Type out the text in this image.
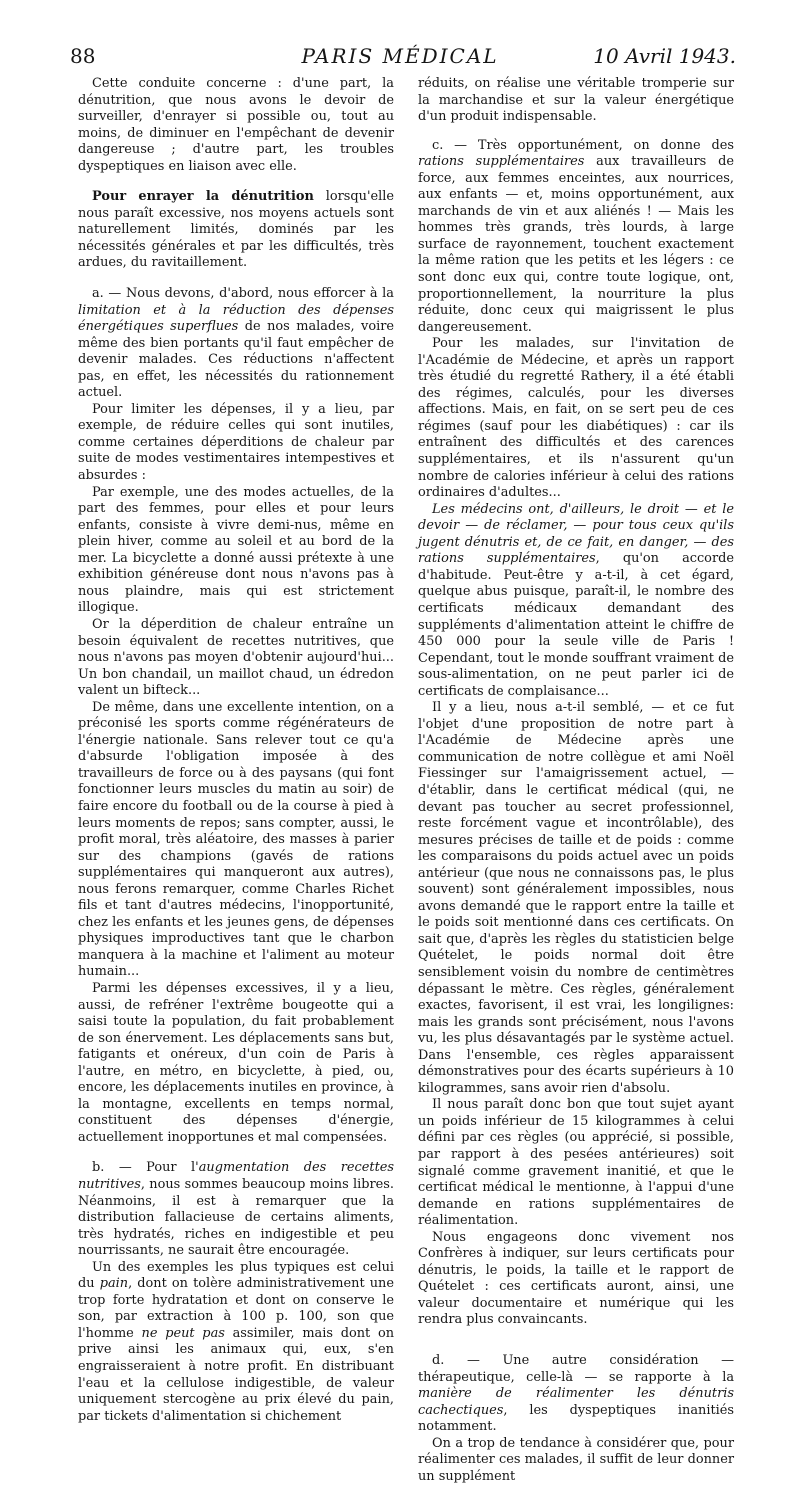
88	PARIS MÉDICAL	10 Avril 1943.

Cette conduite concerne : d'une part, la dénutrition, que nous avons le devoir de surveiller, d'enrayer si possible ou, tout au moins, de diminuer en l'empêchant de devenir dangereuse ; d'autre part, les troubles dyspeptiques en liaison avec elle.

Pour enrayer la dénutrition lorsqu'elle nous paraît excessive, nos moyens actuels sont naturellement limités, dominés par les nécessités générales et par les difficultés, très ardues, du ravitaillement.

a. — Nous devons, d'abord, nous efforcer à la limitation et à la réduction des dépenses énergétiques superflues de nos malades, voire même des bien portants qu'il faut empêcher de devenir malades. Ces réductions n'affectent pas, en effet, les nécessités du rationnement actuel.

Pour limiter les dépenses, il y a lieu, par exemple, de réduire celles qui sont inutiles, comme certaines déperditions de chaleur par suite de modes vestimentaires intempestives et absurdes :

Par exemple, une des modes actuelles, de la part des femmes, pour elles et pour leurs enfants, consiste à vivre demi-nus, même en plein hiver, comme au soleil et au bord de la mer. La bicyclette a donné aussi prétexte à une exhibition généreuse dont nous n'avons pas à nous plaindre, mais qui est strictement illogique.

Or la déperdition de chaleur entraîne un besoin équivalent de recettes nutritives, que nous n'avons pas moyen d'obtenir aujourd'hui... Un bon chandail, un maillot chaud, un édredon valent un bifteck...

De même, dans une excellente intention, on a préconisé les sports comme régénérateurs de l'énergie nationale. Sans relever tout ce qu'a d'absurde l'obligation imposée à des travailleurs de force ou à des paysans (qui font fonctionner leurs muscles du matin au soir) de faire encore du football ou de la course à pied à leurs moments de repos; sans compter, aussi, le profit moral, très aléatoire, des masses à parier sur des champions (gavés de rations supplémentaires qui manqueront aux autres), nous ferons remarquer, comme Charles Richet fils et tant d'autres médecins, l'inopportunité, chez les enfants et les jeunes gens, de dépenses physiques improductives tant que le charbon manquera à la machine et l'aliment au moteur humain...

Parmi les dépenses excessives, il y a lieu, aussi, de refréner l'extrême bougeotte qui a saisi toute la population, du fait probablement de son énervement. Les déplacements sans but, fatigants et onéreux, d'un coin de Paris à l'autre, en métro, en bicyclette, à pied, ou, encore, les déplacements inutiles en province, à la montagne, excellents en temps normal, constituent des dépenses d'énergie, actuellement inopportunes et mal compensées.

b. — Pour l'augmentation des recettes nutritives, nous sommes beaucoup moins libres. Néanmoins, il est à remarquer que la distribution fallacieuse de certains aliments, très hydratés, riches en indigestible et peu nourrissants, ne saurait être encouragée.

Un des exemples les plus typiques est celui du pain, dont on tolère administrativement une trop forte hydratation et dont on conserve le son, par extraction à 100 p. 100, son que l'homme ne peut pas assimiler, mais dont on prive ainsi les animaux qui, eux, s'en engraisseraient à notre profit. En distribuant l'eau et la cellulose indigestible, de valeur uniquement stercogène au prix élevé du pain, par tickets d'alimentation si chichement

réduits, on réalise une véritable tromperie sur la marchandise et sur la valeur énergétique d'un produit indispensable.

c. — Très opportunément, on donne des rations supplémentaires aux travailleurs de force, aux femmes enceintes, aux nourrices, aux enfants — et, moins opportunément, aux marchands de vin et aux aliénés ! — Mais les hommes très grands, très lourds, à large surface de rayonnement, touchent exactement la même ration que les petits et les légers : ce sont donc eux qui, contre toute logique, ont, proportionnellement, la nourriture la plus réduite, donc ceux qui maigrissent le plus dangereusement.

Pour les malades, sur l'invitation de l'Académie de Médecine, et après un rapport très étudié du regretté Rathery, il a été établi des régimes, calculés, pour les diverses affections. Mais, en fait, on se sert peu de ces régimes (sauf pour les diabétiques) : car ils entraînent des difficultés et des carences supplémentaires, et ils n'assurent qu'un nombre de calories inférieur à celui des rations ordinaires d'adultes...

Les médecins ont, d'ailleurs, le droit — et le devoir — de réclamer, — pour tous ceux qu'ils jugent dénutris et, de ce fait, en danger, — des rations supplémentaires, qu'on accorde d'habitude. Peut-être y a-t-il, à cet égard, quelque abus puisque, paraît-il, le nombre des certificats médicaux demandant des suppléments d'alimentation atteint le chiffre de 450 000 pour la seule ville de Paris ! Cependant, tout le monde souffrant vraiment de sous-alimentation, on ne peut parler ici de certificats de complaisance...

Il y a lieu, nous a-t-il semblé, — et ce fut l'objet d'une proposition de notre part à l'Académie de Médecine après une communication de notre collègue et ami Noël Fiessinger sur l'amaigrissement actuel, — d'établir, dans le certificat médical (qui, ne devant pas toucher au secret professionnel, reste forcément vague et incontrôlable), des mesures précises de taille et de poids : comme les comparaisons du poids actuel avec un poids antérieur (que nous ne connaissons pas, le plus souvent) sont généralement impossibles, nous avons demandé que le rapport entre la taille et le poids soit mentionné dans ces certificats. On sait que, d'après les règles du statisticien belge Quételet, le poids normal doit être sensiblement voisin du nombre de centimètres dépassant le mètre. Ces règles, généralement exactes, favorisent, il est vrai, les longilignes: mais les grands sont précisément, nous l'avons vu, les plus désavantagés par le système actuel. Dans l'ensemble, ces règles apparaissent démonstratives pour des écarts supérieurs à 10 kilogrammes, sans avoir rien d'absolu.

Il nous paraît donc bon que tout sujet ayant un poids inférieur de 15 kilogrammes à celui défini par ces règles (ou apprécié, si possible, par rapport à des pesées antérieures) soit signalé comme gravement inanitié, et que le certificat médical le mentionne, à l'appui d'une demande en rations supplémentaires de réalimentation.

Nous engageons donc vivement nos Confrères à indiquer, sur leurs certificats pour dénutris, le poids, la taille et le rapport de Quételet : ces certificats auront, ainsi, une valeur documentaire et numérique qui les rendra plus convaincants.

d. — Une autre considération — thérapeutique, celle-là — se rapporte à la manière de réalimenter les dénutris cachectiques, les dyspeptiques inanitiés notamment.

On a trop de tendance à considérer que, pour réalimenter ces malades, il suffit de leur donner un supplément
